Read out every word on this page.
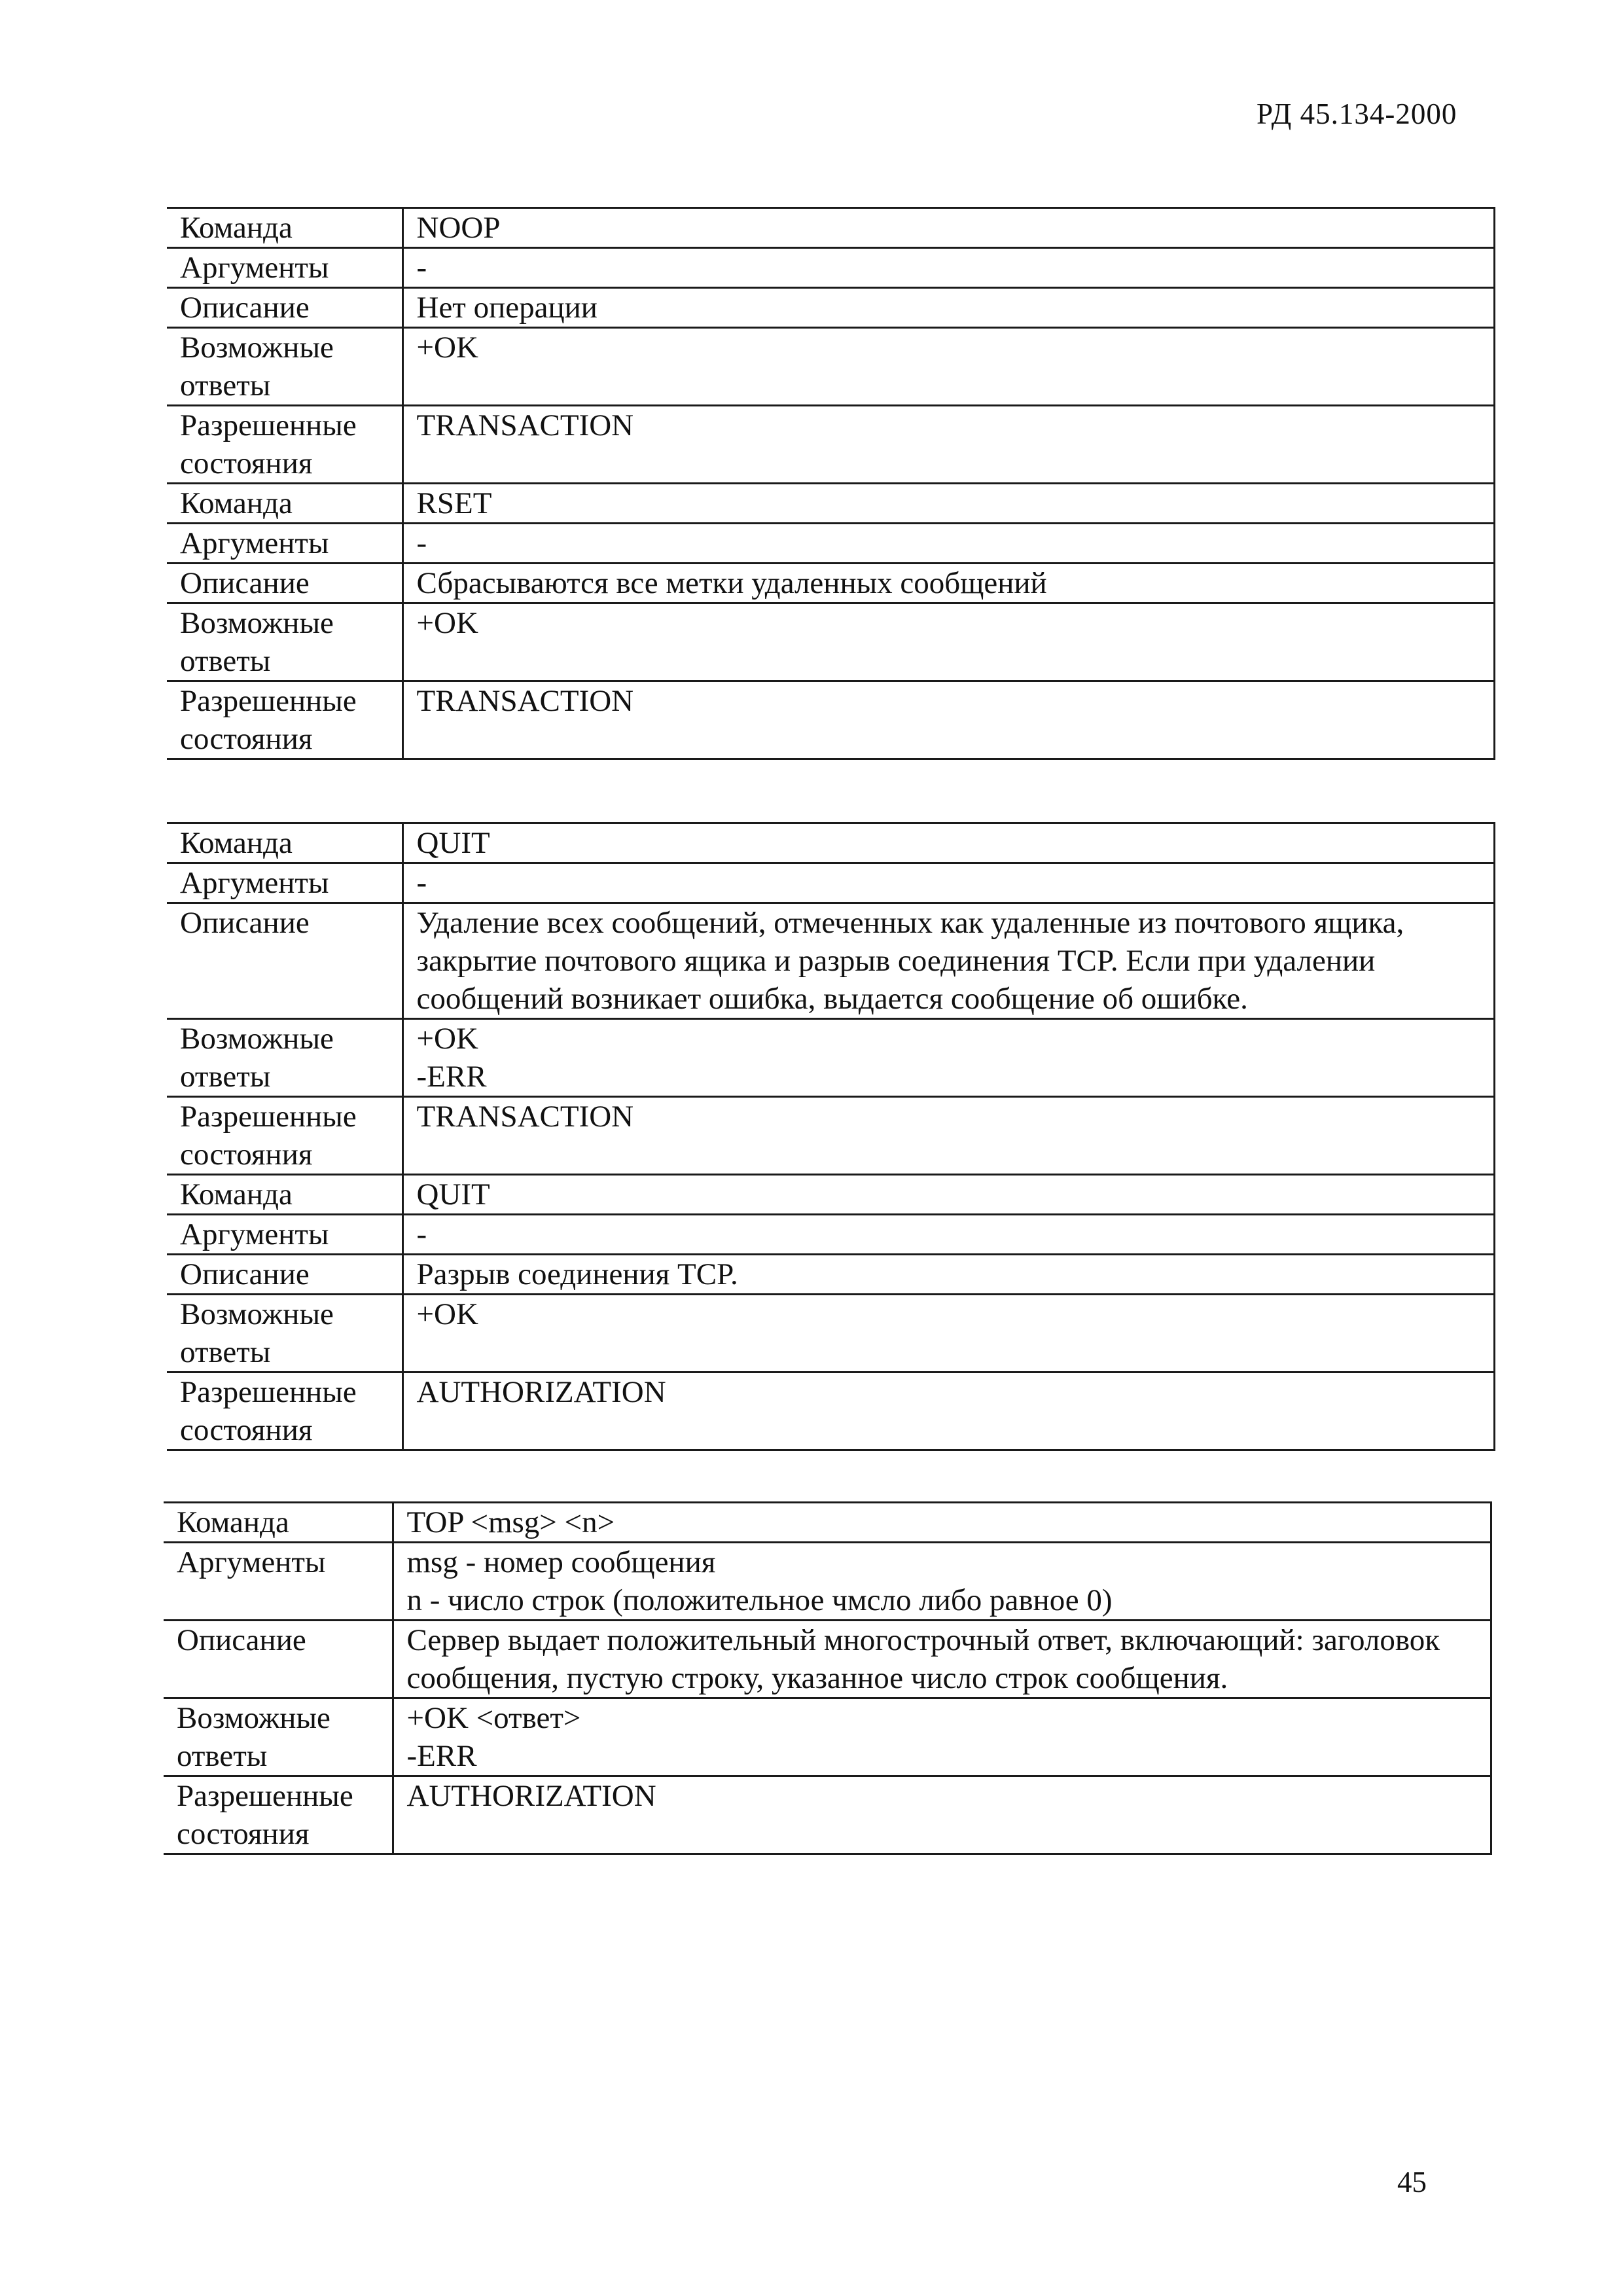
РД 45.134-2000
Команда	NOOP
Аргументы	-
Описание	Нет операции
Возможные ответы	+OK
Разрешенные состояния	TRANSACTION
Команда	RSET
Аргументы	-
Описание	Сбрасываются все метки удаленных сообщений
Возможные ответы	+OK
Разрешенные состояния	TRANSACTION
Команда	QUIT
Аргументы	-
Описание	Удаление всех сообщений, отмеченных как удаленные из почтового ящика, закрытие почтового ящика и разрыв соединения TCP. Если при удалении сообщений возникает ошибка, выдается сообщение об ошибке.
Возможные ответы	+OK
-ERR
Разрешенные состояния	TRANSACTION
Команда	QUIT
Аргументы	-
Описание	Разрыв соединения TCP.
Возможные ответы	+OK
Разрешенные состояния	AUTHORIZATION
Команда	TOP <msg> <n>
Аргументы	msg - номер сообщения
n - число строк (положительное чмсло либо равное 0)
Описание	Сервер выдает положительный многострочный ответ, включающий: заголовок сообщения, пустую строку, указанное число строк сообщения.
Возможные ответы	+OK <ответ>
-ERR
Разрешенные состояния	AUTHORIZATION
45
